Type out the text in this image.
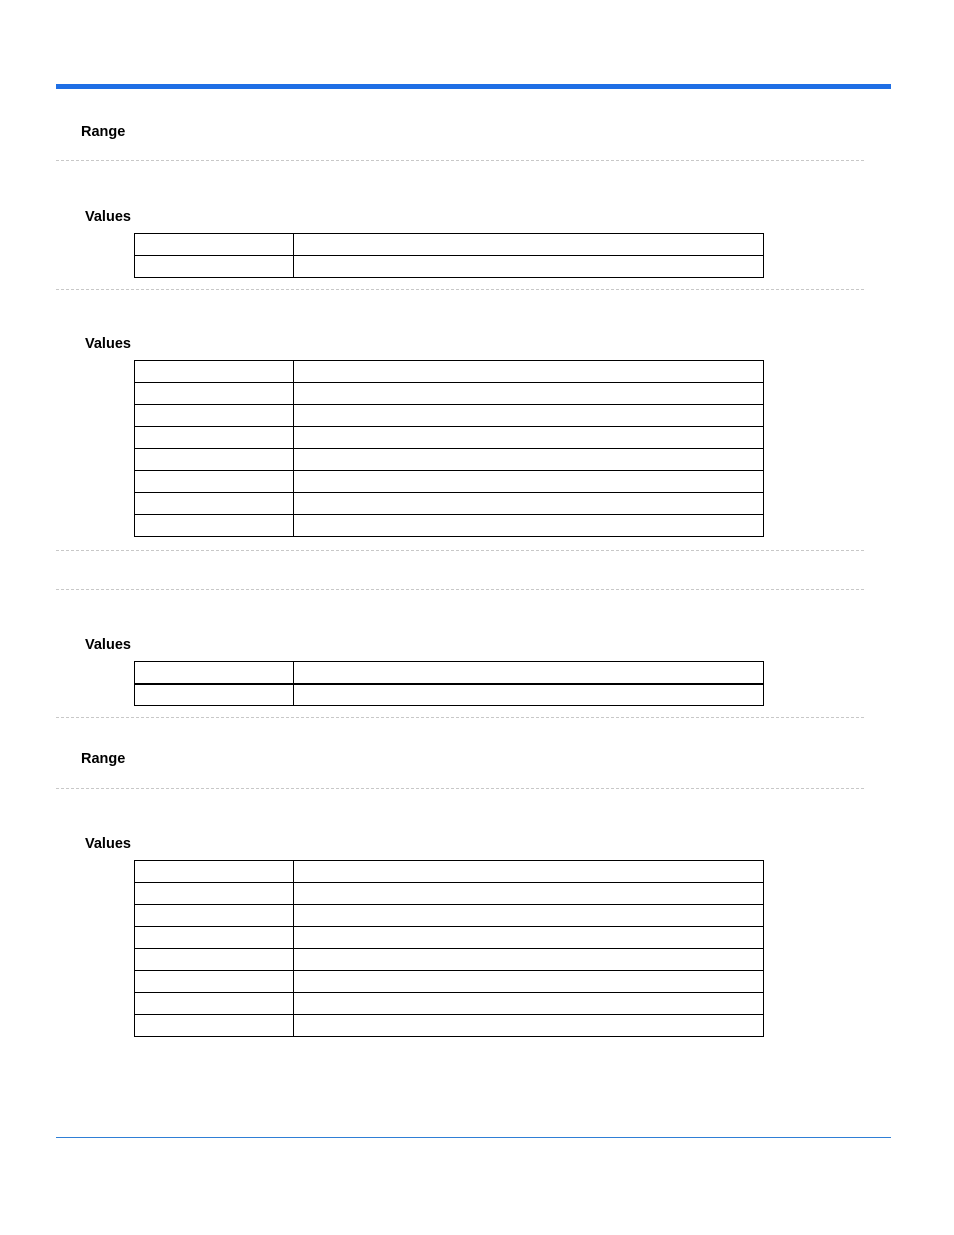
Range
Values

Values

Values

Range
Values
